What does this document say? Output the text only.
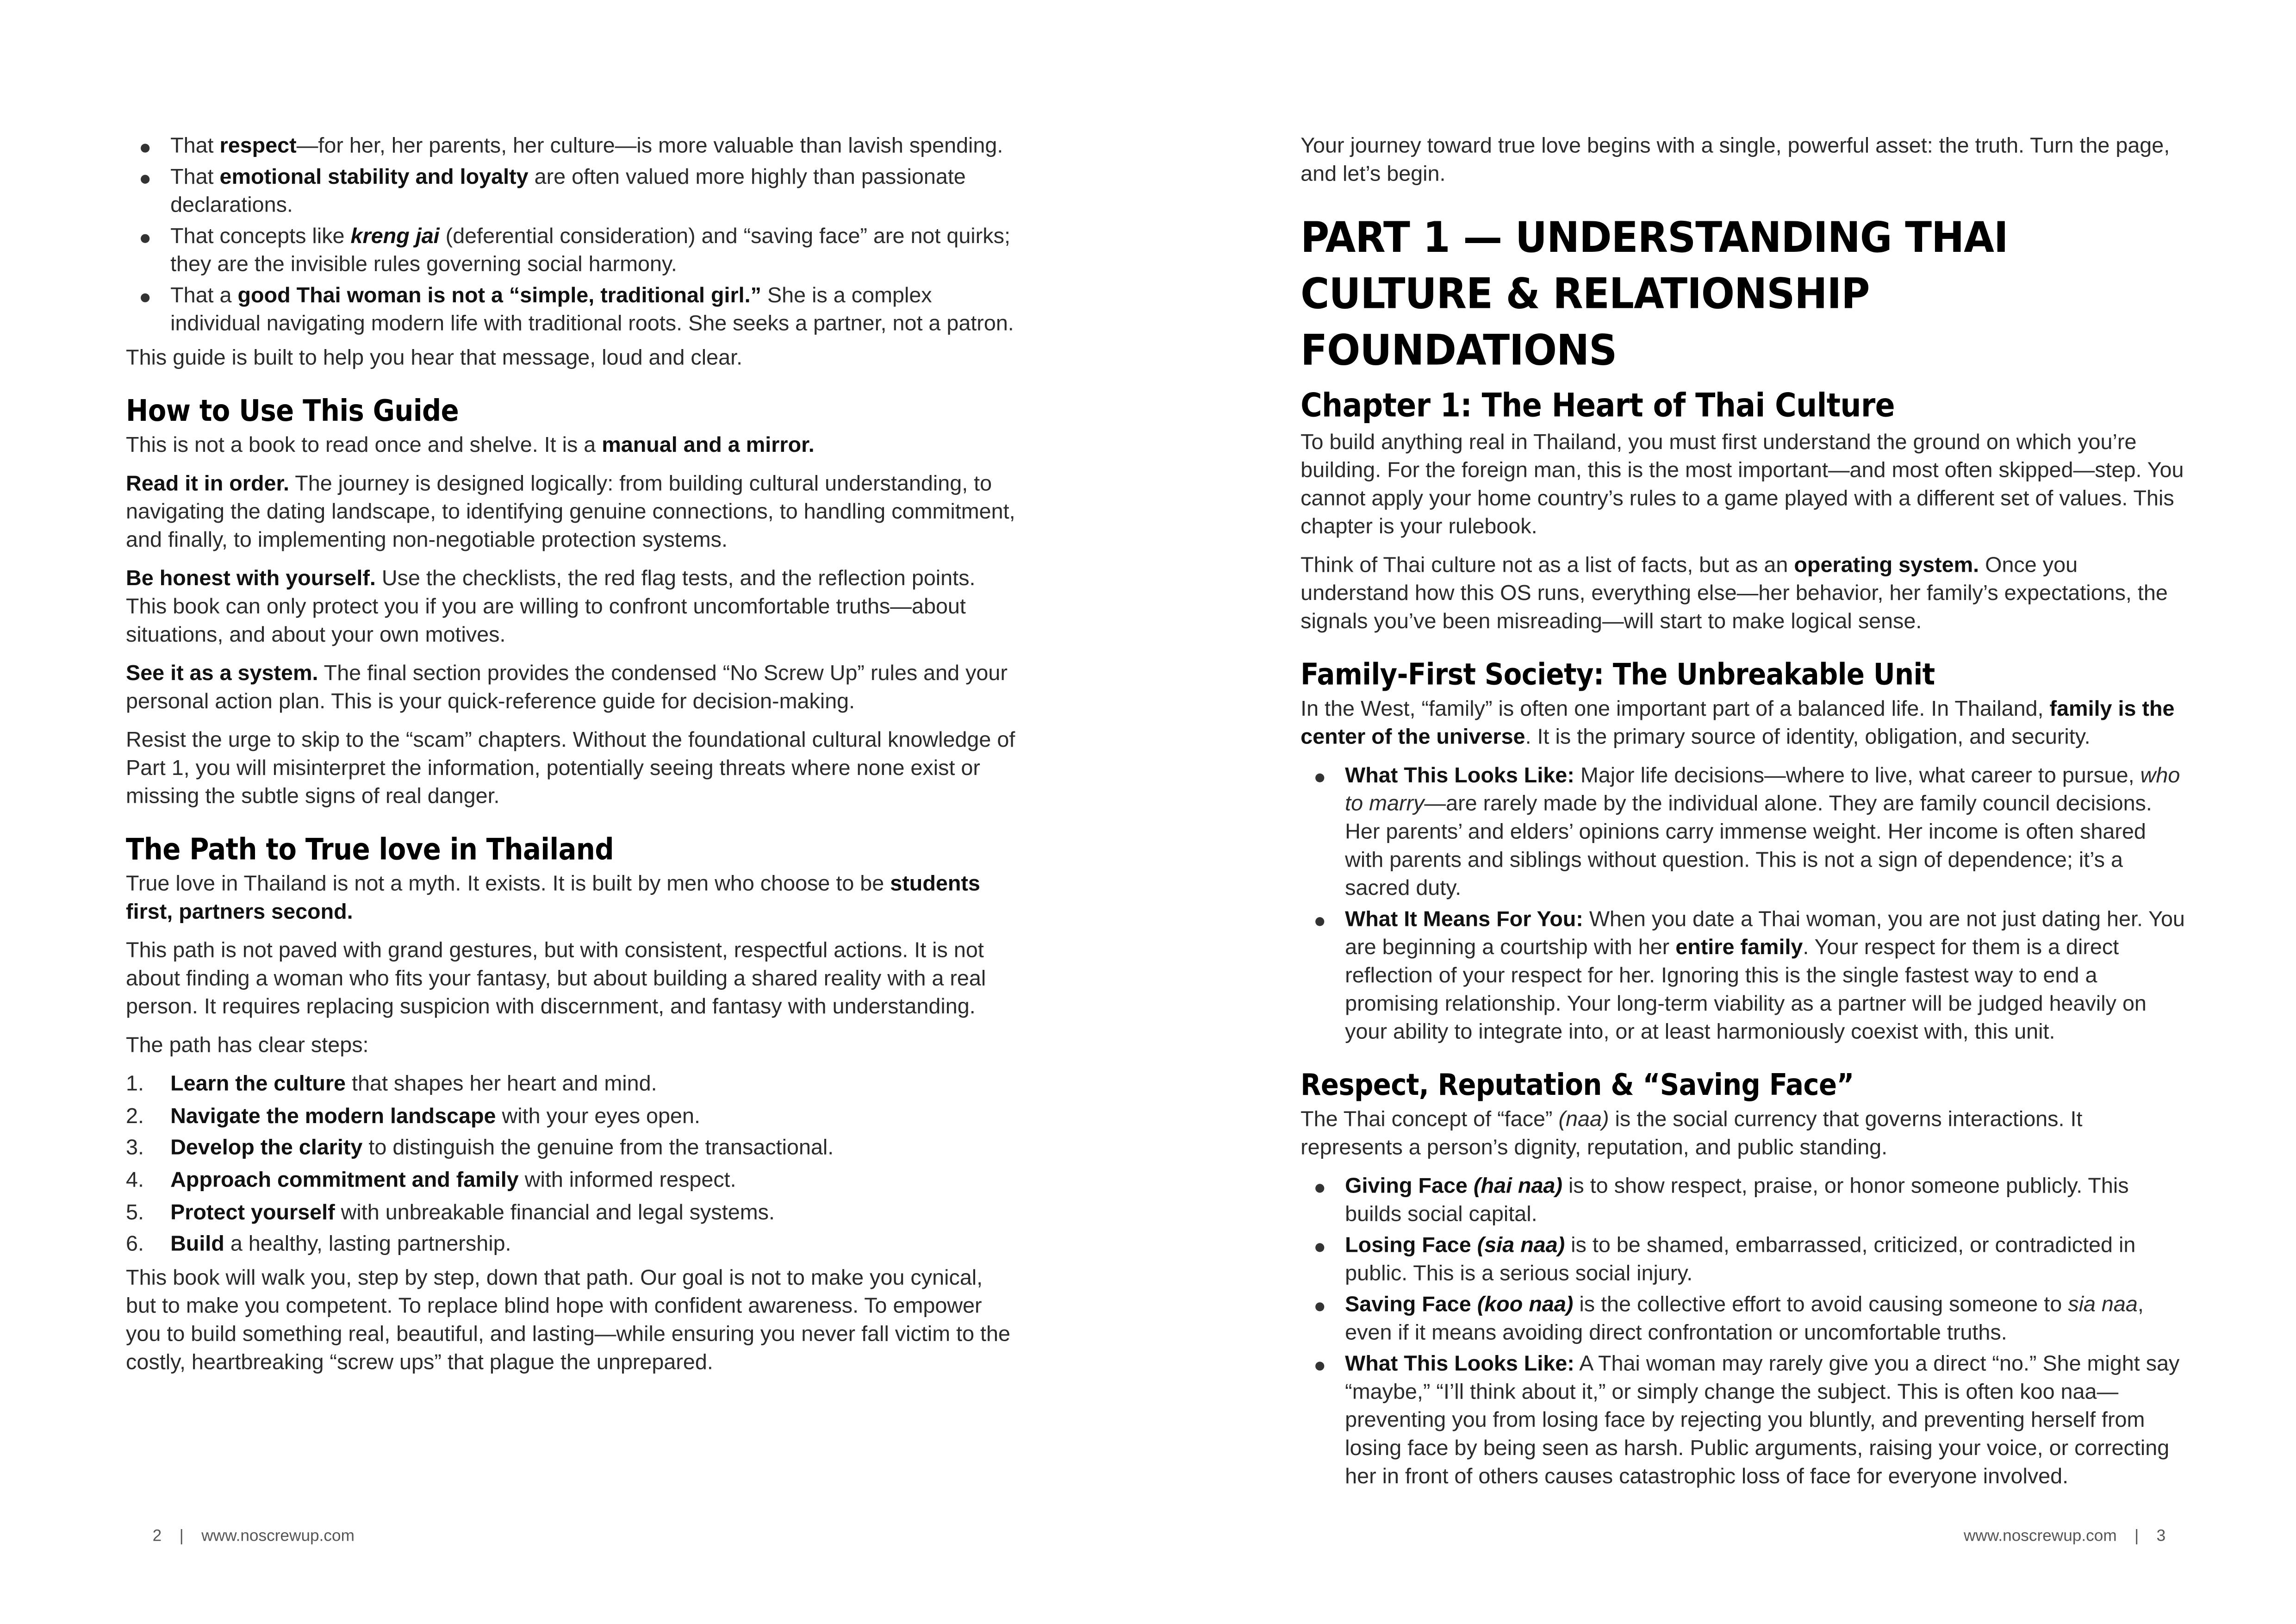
That respect—for her, her parents, her culture—is more valuable than lavish spending.
That emotional stability and loyalty are often valued more highly than passionate declarations.
That concepts like kreng jai (deferential consideration) and “saving face” are not quirks; they are the invisible rules governing social harmony.
That a good Thai woman is not a “simple, traditional girl.” She is a complex individual navigating modern life with traditional roots. She seeks a partner, not a patron.

This guide is built to help you hear that message, loud and clear.

How to Use This Guide

This is not a book to read once and shelve. It is a manual and a mirror.

Read it in order. The journey is designed logically: from building cultural understanding, to navigating the dating landscape, to identifying genuine connections, to handling commitment, and finally, to implementing non-negotiable protection systems.

Be honest with yourself. Use the checklists, the red flag tests, and the reflection points. This book can only protect you if you are willing to confront uncomfortable truths—about situations, and about your own motives.

See it as a system. The final section provides the condensed “No Screw Up” rules and your personal action plan. This is your quick-reference guide for decision-making.

Resist the urge to skip to the “scam” chapters. Without the foundational cultural knowledge of Part 1, you will misinterpret the information, potentially seeing threats where none exist or missing the subtle signs of real danger.

The Path to True love in Thailand

True love in Thailand is not a myth. It exists. It is built by men who choose to be students first, partners second.

This path is not paved with grand gestures, but with consistent, respectful actions. It is not about finding a woman who fits your fantasy, but about building a shared reality with a real person. It requires replacing suspicion with discernment, and fantasy with understanding.

The path has clear steps:

1.	Learn the culture that shapes her heart and mind.
2.	Navigate the modern landscape with your eyes open.
3.	Develop the clarity to distinguish the genuine from the transactional.
4.	Approach commitment and family with informed respect.
5.	Protect yourself with unbreakable financial and legal systems.
6.	Build a healthy, lasting partnership.

This book will walk you, step by step, down that path. Our goal is not to make you cynical, but to make you competent. To replace blind hope with confident awareness. To empower you to build something real, beautiful, and lasting—while ensuring you never fall victim to the costly, heartbreaking “screw ups” that plague the unprepared.

Your journey toward true love begins with a single, powerful asset: the truth. Turn the page, and let’s begin.

PART 1 — UNDERSTANDING THAI CULTURE & RELATIONSHIP FOUNDATIONS
Chapter 1: The Heart of Thai Culture

To build anything real in Thailand, you must first understand the ground on which you’re building. For the foreign man, this is the most important—and most often skipped—step. You cannot apply your home country’s rules to a game played with a different set of values. This chapter is your rulebook.

Think of Thai culture not as a list of facts, but as an operating system. Once you understand how this OS runs, everything else—her behavior, her family’s expectations, the signals you’ve been misreading—will start to make logical sense.

Family-First Society: The Unbreakable Unit

In the West, “family” is often one important part of a balanced life. In Thailand, family is the center of the universe. It is the primary source of identity, obligation, and security.

What This Looks Like: Major life decisions—where to live, what career to pursue, who to marry—are rarely made by the individual alone. They are family council decisions. Her parents’ and elders’ opinions carry immense weight. Her income is often shared with parents and siblings without question. This is not a sign of dependence; it’s a sacred duty.
What It Means For You: When you date a Thai woman, you are not just dating her. You are beginning a courtship with her entire family. Your respect for them is a direct reflection of your respect for her. Ignoring this is the single fastest way to end a promising relationship. Your long-term viability as a partner will be judged heavily on your ability to integrate into, or at least harmoniously coexist with, this unit.
Respect, Reputation & “Saving Face”

The Thai concept of “face” (naa) is the social currency that governs interactions. It represents a person’s dignity, reputation, and public standing.

Giving Face (hai naa) is to show respect, praise, or honor someone publicly. This builds social capital.
Losing Face (sia naa) is to be shamed, embarrassed, criticized, or contradicted in public. This is a serious social injury.
Saving Face (koo naa) is the collective effort to avoid causing someone to sia naa, even if it means avoiding direct confrontation or uncomfortable truths.
What This Looks Like: A Thai woman may rarely give you a direct “no.” She might say “maybe,” “I’ll think about it,” or simply change the subject. This is often koo naa—preventing you from losing face by rejecting you bluntly, and preventing herself from losing face by being seen as harsh. Public arguments, raising your voice, or correcting her in front of others causes catastrophic loss of face for everyone involved.
2	|	www.noscrewup.com	www.noscrewup.com	|	3
